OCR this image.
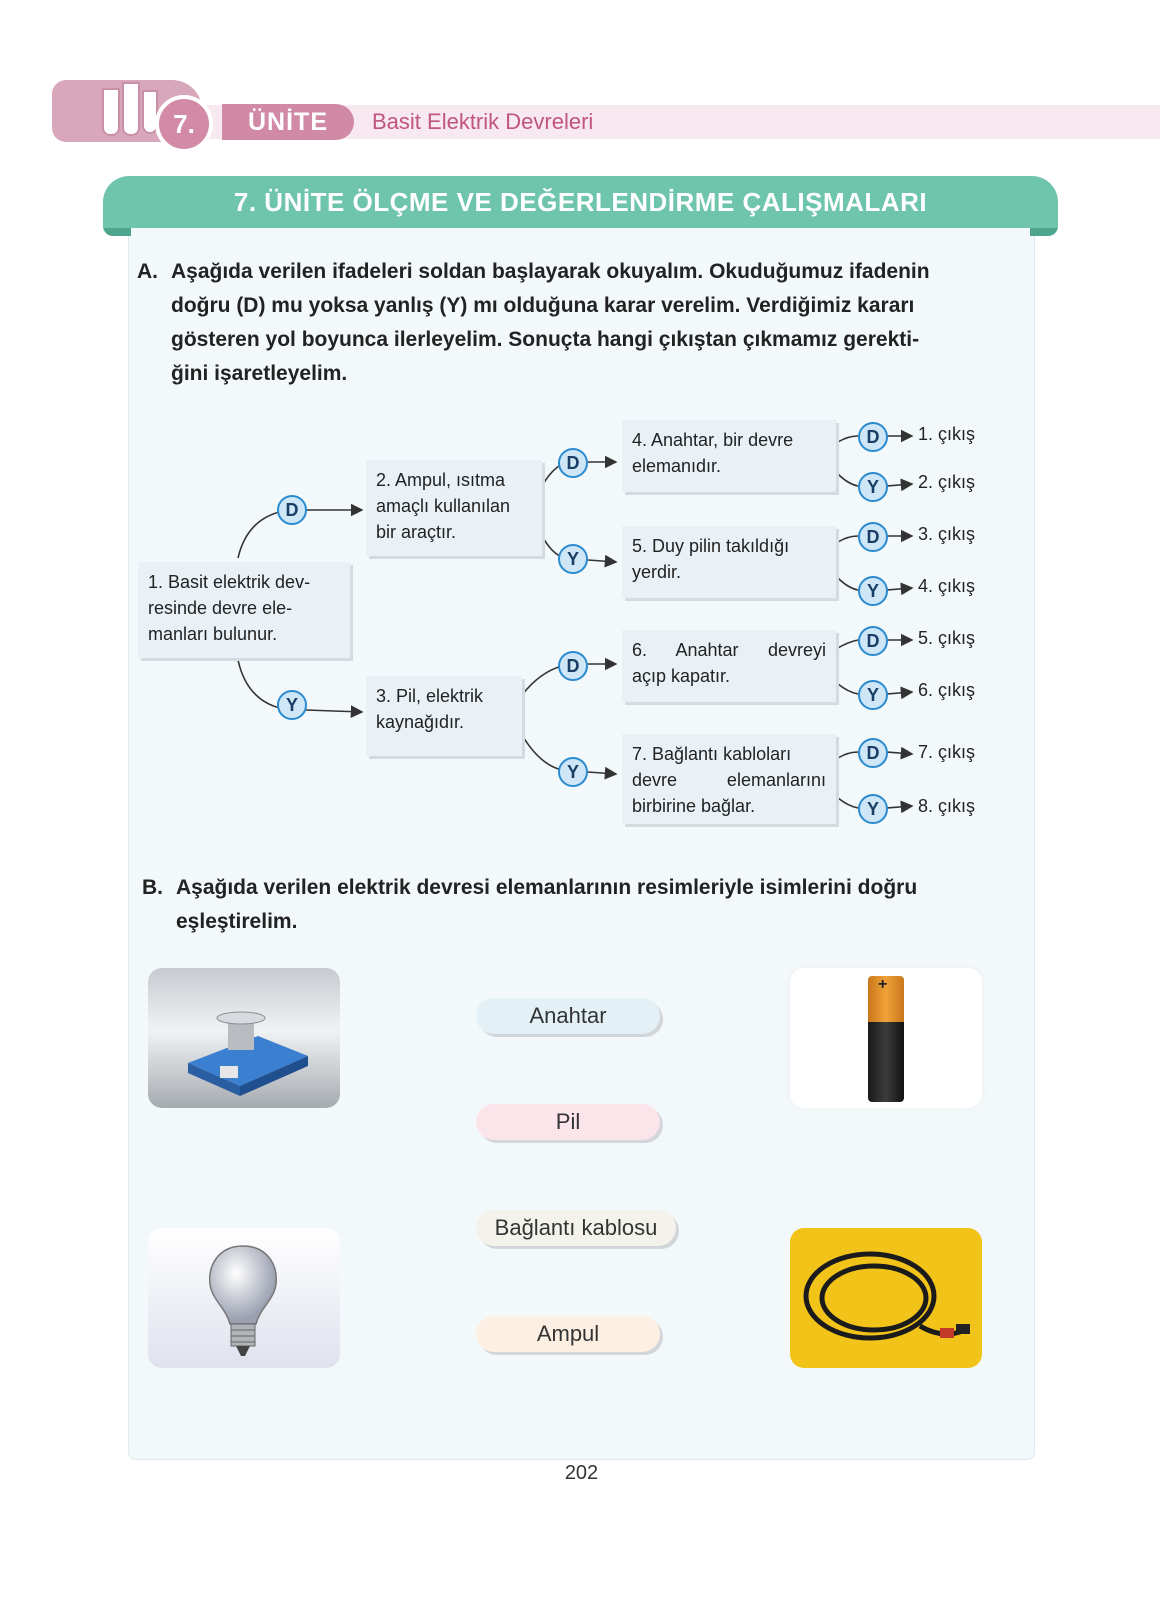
7.	ÜNİTE	Basit Elektrik Devreleri
7. ÜNİTE ÖLÇME VE DEĞERLENDİRME ÇALIŞMALARI
A. Aşağıda verilen ifadeleri soldan başlayarak okuyalım. Okuduğumuz ifadenin
doğru (D) mu yoksa yanlış (Y) mı olduğuna karar verelim. Verdiğimiz kararı
gösteren yol boyunca ilerleyelim. Sonuçta hangi çıkıştan çıkmamız gerekti-
ğini işaretleyelim.
1. Basit elektrik dev-
resinde devre ele-
manları bulunur.
2. Ampul, ısıtma
amaçlı kullanılan
bir araçtır.
3. Pil, elektrik
kaynağıdır.
4. Anahtar, bir devre
elemanıdır.
5. Duy pilin takıldığı
yerdir.
6. Anahtar devreyi
açıp kapatır.
7. Bağlantı kabloları
devre elemanlarını
birbirine bağlar.
D
Y
D
Y
D
Y
D
Y
D
Y
D
Y
D
Y
1. çıkış
2. çıkış
3. çıkış
4. çıkış
5. çıkış
6. çıkış
7. çıkış
8. çıkış
B. Aşağıda verilen elektrik devresi elemanlarının resimleriyle isimlerini doğru
eşleştirelim.
+
Anahtar
Pil
Bağlantı kablosu
Ampul
202
